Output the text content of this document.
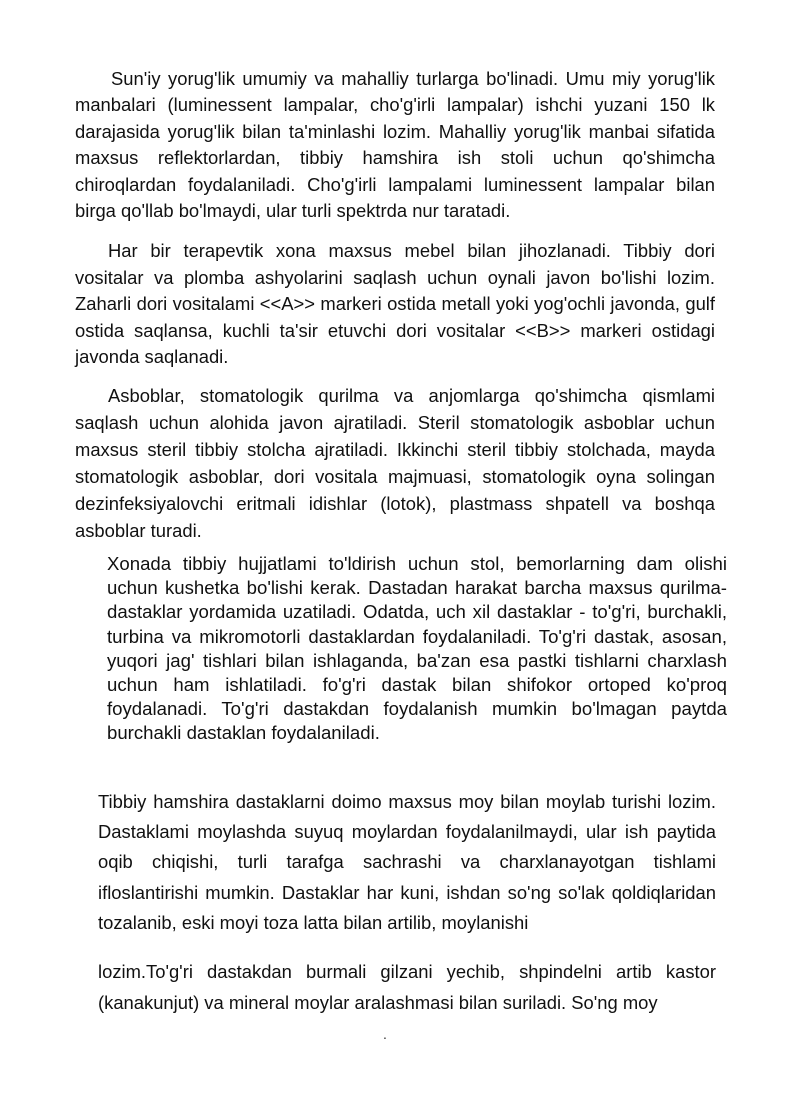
Sun'iy yorug'lik umumiy va mahalliy turlarga bo'linadi. Umu miy yorug'lik manbalari (luminessent lampalar, cho'g'irli lampalar) ishchi yuzani 150 lk darajasida yorug'lik bilan ta'minlashi lozim. Mahalliy yorug'lik manbai sifatida maxsus reflektorlardan, tibbiy hamshira ish stoli uchun qo'shimcha chiroqlardan foydalaniladi. Cho'g'irli lampalami luminessent lampalar bilan birga qo'llab bo'lmaydi, ular turli spektrda nur taratadi.

Har bir terapevtik xona maxsus mebel bilan jihozlanadi. Tibbiy dori vositalar va plomba ashyolarini saqlash uchun oynali javon bo'lishi lozim. Zaharli dori vositalami <<A>> markeri ostida metall yoki yog'ochli javonda, gulf ostida saqlansa, kuchli ta'sir etuvchi dori vositalar <<B>> markeri ostidagi javonda saqlanadi.

Asboblar, stomatologik qurilma va anjomlarga qo'shimcha qismlami saqlash uchun alohida javon ajratiladi. Steril stomatologik asboblar uchun maxsus steril tibbiy stolcha ajratiladi. Ikkinchi steril tibbiy stolchada, mayda stomatologik asboblar, dori vositala majmuasi, stomatologik oyna solingan dezinfeksiyalovchi eritmali idishlar (lotok), plastmass shpatell va boshqa asboblar turadi.

Xonada tibbiy hujjatlami to'ldirish uchun stol, bemorlarning dam olishi uchun kushetka bo'lishi kerak. Dastadan harakat barcha maxsus qurilma-dastaklar yordamida uzatiladi. Odatda, uch xil dastaklar - to'g'ri, burchakli, turbina va mikromotorli dastaklardan foydalaniladi. To'g'ri dastak, asosan, yuqori jag' tishlari bilan ishlaganda, ba'zan esa pastki tishlarni charxlash uchun ham ishlatiladi. fo'g'ri dastak bilan shifokor ortoped ko'proq foydalanadi. To'g'ri dastakdan foydalanish mumkin bo'lmagan paytda burchakli dastaklan foydalaniladi.

Tibbiy hamshira dastaklarni doimo maxsus moy bilan moylab turishi lozim. Dastaklami moylashda suyuq moylardan foydalanilmaydi, ular ish paytida oqib chiqishi, turli tarafga sachrashi va charxlanayotgan tishlami ifloslantirishi mumkin. Dastaklar har kuni, ishdan so'ng so'lak qoldiqlaridan tozalanib, eski moyi toza latta bilan artilib, moylanishi

lozim.To'g'ri dastakdan burmali gilzani yechib, shpindelni artib kastor (kanakunjut) va mineral moylar aralashmasi bilan suriladi. So'ng moy

.
